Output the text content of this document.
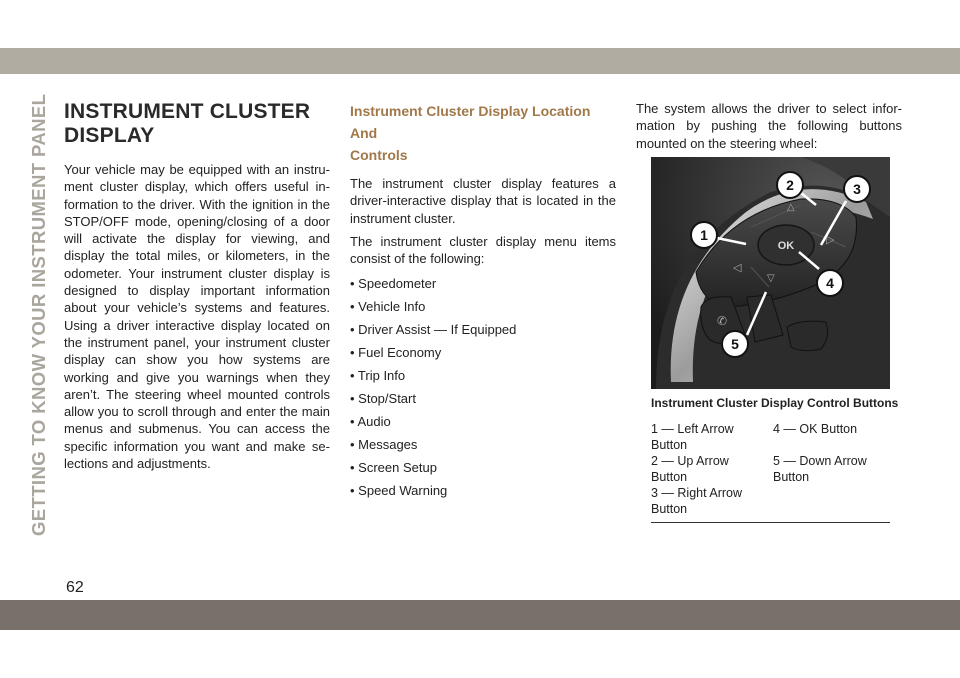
GETTING TO KNOW YOUR INSTRUMENT PANEL
62
INSTRUMENT CLUSTER
DISPLAY

Your vehicle may be equipped with an instrument cluster display, which offers useful information to the driver. With the ignition in the STOP/OFF mode, opening/closing of a door will activate the display for viewing, and display the total miles, or kilometers, in the odometer. Your instrument cluster display is designed to display important information about your vehicle’s systems and features. Using a driver interactive display located on the instrument panel, your instrument cluster display can show you how systems are working and give you warnings when they aren’t. The steering wheel mounted controls allow you to scroll through and enter the main menus and submenus. You can access the specific information you want and make selections and adjustments.

Instrument Cluster Display Location And
Controls

The instrument cluster display features a driver-interactive display that is located in the instrument cluster.

The instrument cluster display menu items consist of the following:

• Speedometer
• Vehicle Info
• Driver Assist — If Equipped
• Fuel Economy
• Trip Info
• Stop/Start
• Audio
• Messages
• Screen Setup
• Speed Warning

The system allows the driver to select information by pushing the following buttons mounted on the steering wheel:

OK
◁
△
▷
▽
✆
1
2	3
4
5
Instrument Cluster Display Control Buttons
1 — Left Arrow
Button
4 — OK Button
2 — Up Arrow
Button
5 — Down Arrow
Button
3 — Right Arrow
Button
